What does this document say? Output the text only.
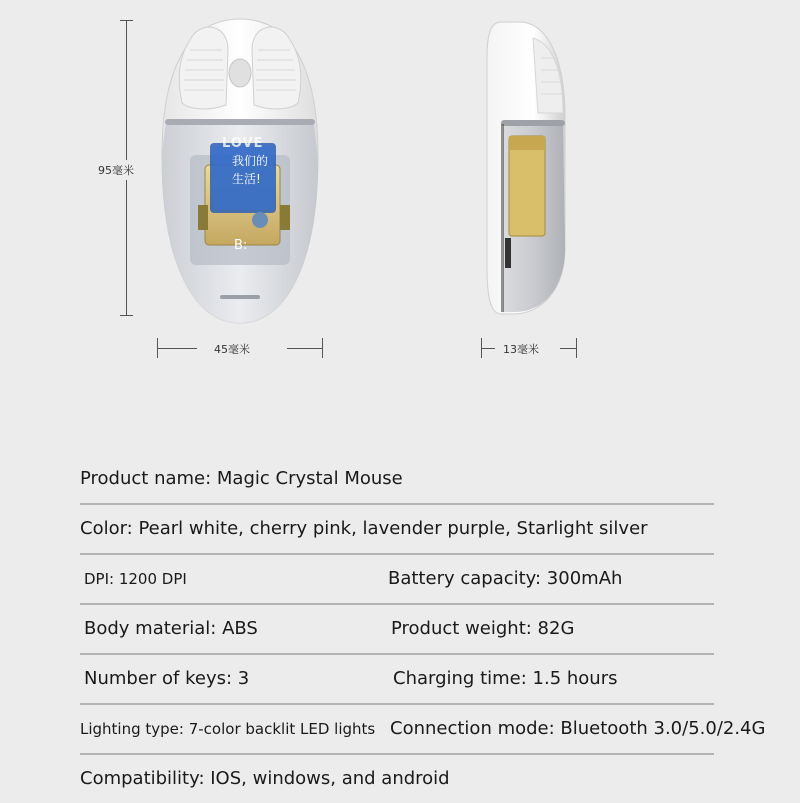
95毫米
45毫米	13毫米
LOVE
我们的
生活!
B:
Product name: Magic Crystal Mouse
Color: Pearl white, cherry pink, lavender purple, Starlight silver
DPI: 1200 DPI	Battery capacity: 300mAh
Body material: ABS	Product weight: 82G
Number of keys: 3	Charging time: 1.5 hours
Lighting type: 7-color backlit LED lights Connection mode: Bluetooth 3.0/5.0/2.4G
Compatibility: IOS, windows, and android
